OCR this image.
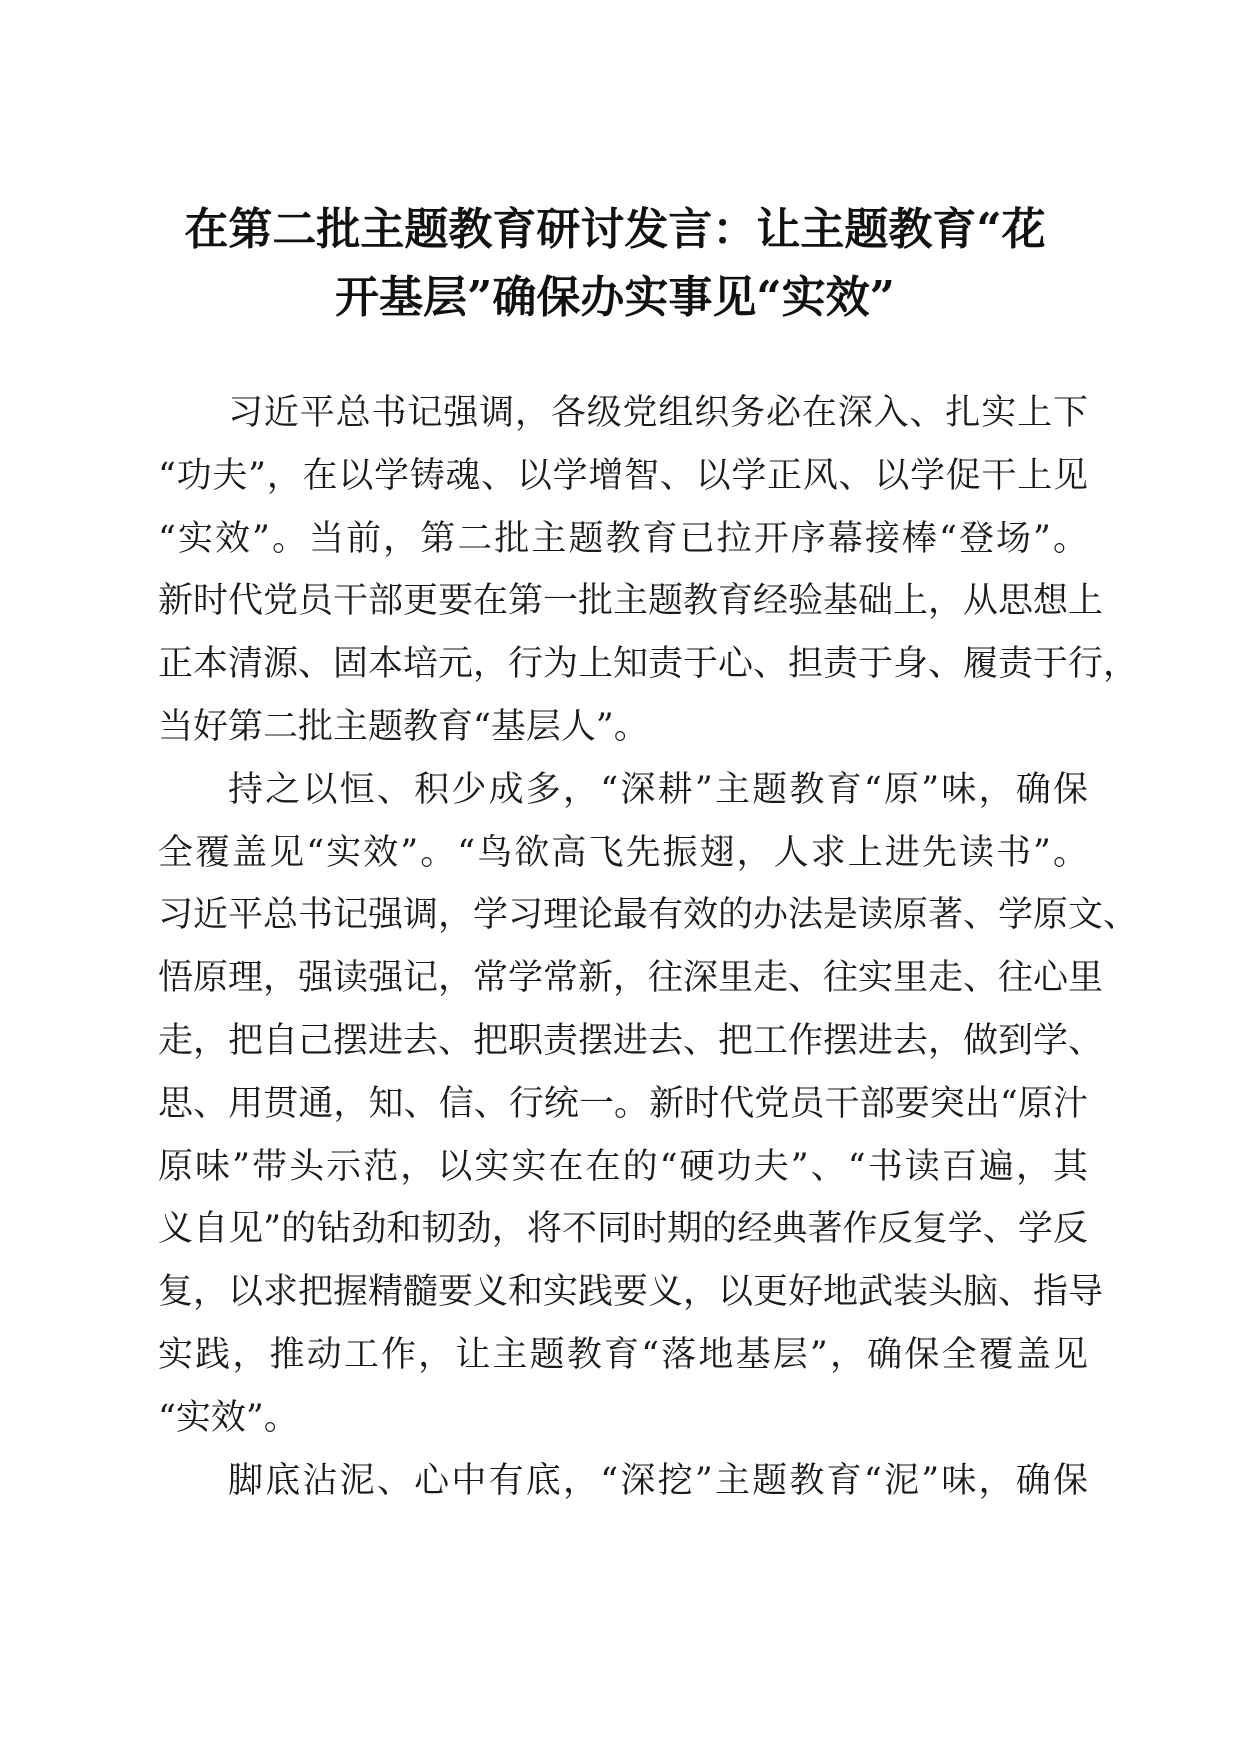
在第二批主题教育研讨发言：让主题教育“花
开基层”确保办实事见“实效”

习近平总书记强调，各级党组织务必在深入、扎实上下
“功夫”，在以学铸魂、以学增智、以学正风、以学促干上见
“实效”。当前，第二批主题教育已拉开序幕接棒“登场”。
新时代党员干部更要在第一批主题教育经验基础上，从思想上
正本清源、固本培元，行为上知责于心、担责于身、履责于行，
当好第二批主题教育“基层人”。

持之以恒、积少成多，“深耕”主题教育“原”味，确保
全覆盖见“实效”。“鸟欲高飞先振翅，人求上进先读书”。
习近平总书记强调，学习理论最有效的办法是读原著、学原文、
悟原理，强读强记，常学常新，往深里走、往实里走、往心里
走，把自己摆进去、把职责摆进去、把工作摆进去，做到学、
思、用贯通，知、信、行统一。新时代党员干部要突出“原汁
原味”带头示范，以实实在在的“硬功夫”、“书读百遍，其
义自见”的钻劲和韧劲，将不同时期的经典著作反复学、学反
复，以求把握精髓要义和实践要义，以更好地武装头脑、指导
实践，推动工作，让主题教育“落地基层”，确保全覆盖见
“实效”。

脚底沾泥、心中有底，“深挖”主题教育“泥”味，确保
